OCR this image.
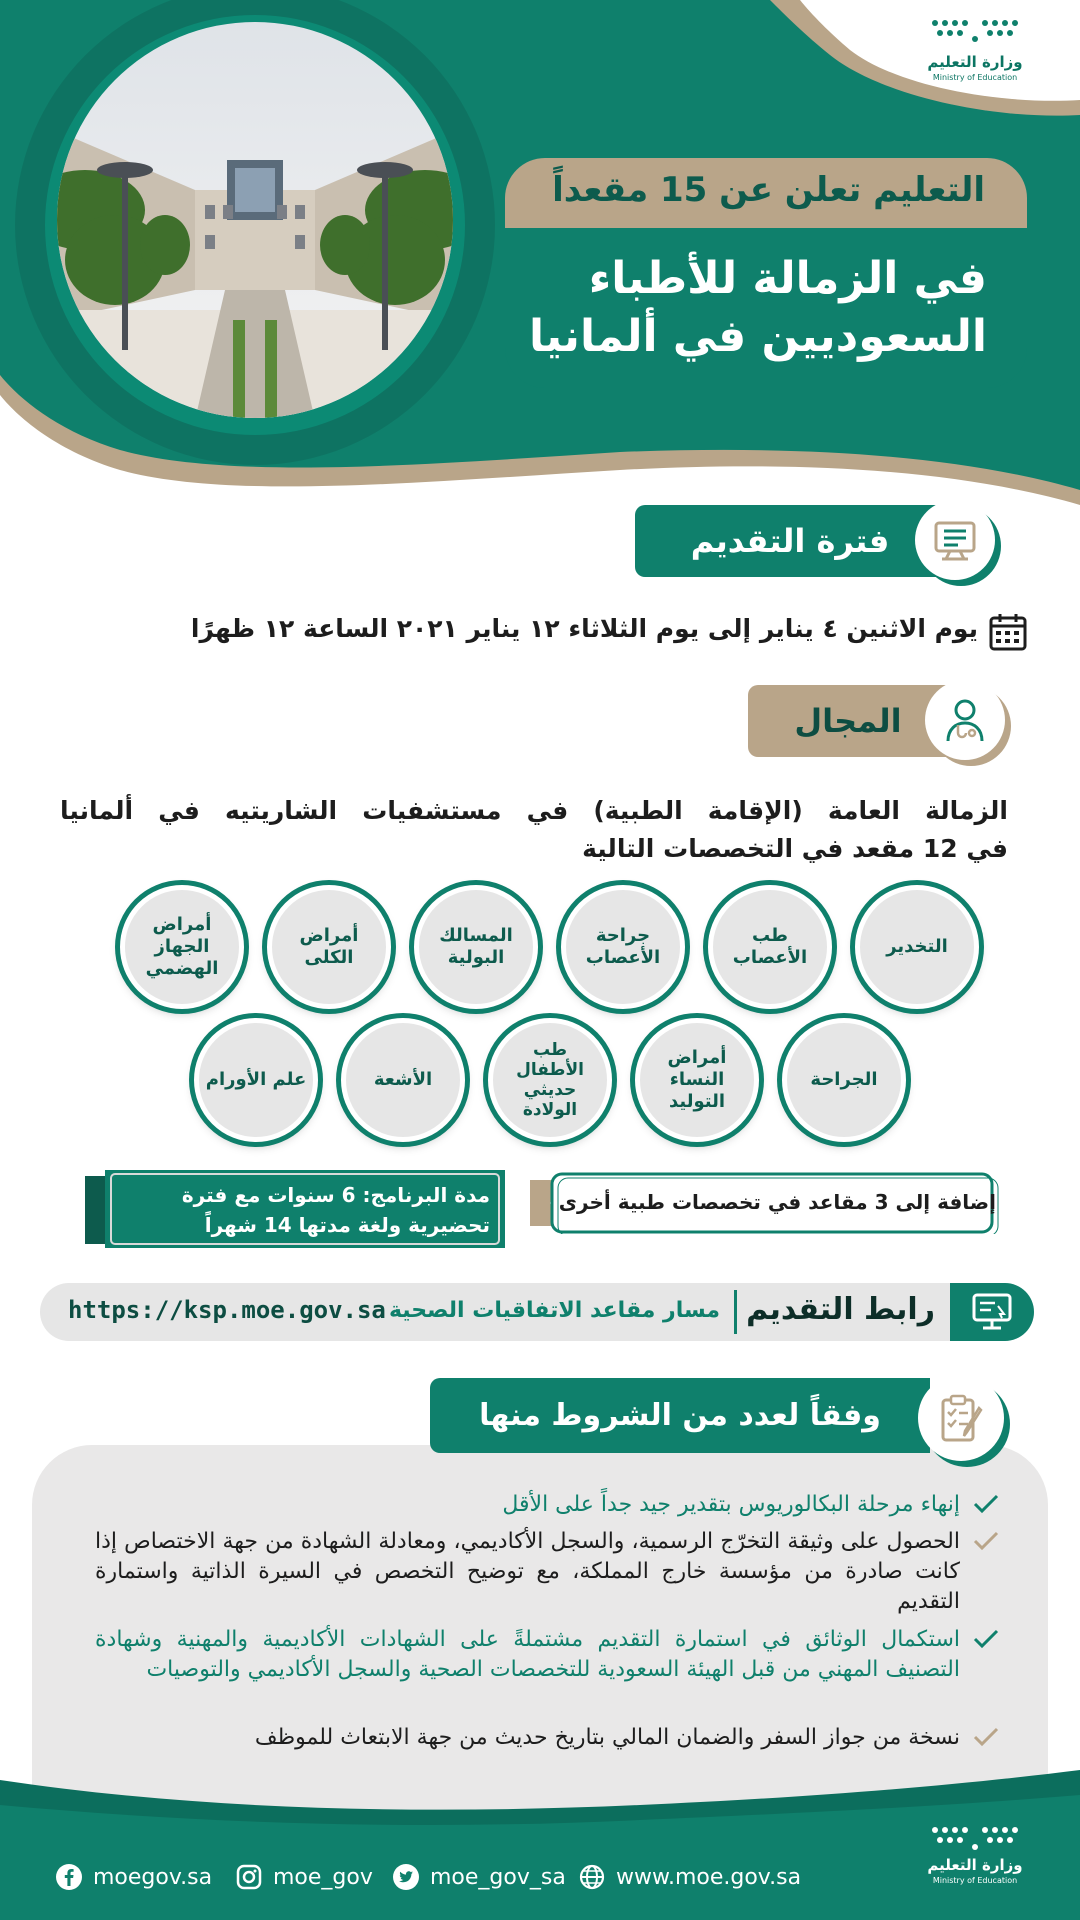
وزارة التعليم
Ministry of Education
التعليم تعلن عن 15 مقعداً
في الزمالة للأطباء
السعوديين في ألمانيا
فترة التقديم
يوم الاثنين ٤ يناير إلى يوم الثلاثاء ١٢ يناير ٢٠٢١ الساعة ١٢ ظهرًا
المجال
الزمالة العامة (الإقامة الطبية) في مستشفيات الشاريتيه في ألمانيا
في 12 مقعد في التخصصات التالية
التخدير
طب الأعصاب
جراحة الأعصاب
المسالك البولية
أمراض الكلى
أمراض الجهاز الهضمي
الجراحة
أمراض النساء التوليد
طب الأطفال حديثي الولادة
الأشعة
علم الأورام
إضافة إلى 3 مقاعد في تخصصات طبية أخرى
مدة البرنامج: 6 سنوات مع فترة تحضيرية ولغة مدتها 14 شهراً
رابط التقديم
مسار مقاعد الاتفاقيات الصحية
https://ksp.moe.gov.sa
وفقاً لعدد من الشروط منها
إنهاء مرحلة البكالوريوس بتقدير جيد جداً على الأقل
الحصول على وثيقة التخرّج الرسمية، والسجل الأكاديمي، ومعادلة الشهادة من جهة الاختصاص إذا كانت صادرة من مؤسسة خارج المملكة، مع توضيح التخصص في السيرة الذاتية واستمارة التقديم
استكمال الوثائق في استمارة التقديم مشتملةً على الشهادات الأكاديمية والمهنية وشهادة التصنيف المهني من قبل الهيئة السعودية للتخصصات الصحية والسجل الأكاديمي والتوصيات
نسخة من جواز السفر والضمان المالي بتاريخ حديث من جهة الابتعاث للموظف
moegov.sa	moe_gov	moe_gov_sa www.moe.gov.sa	وزارة التعليم
Ministry of Education
